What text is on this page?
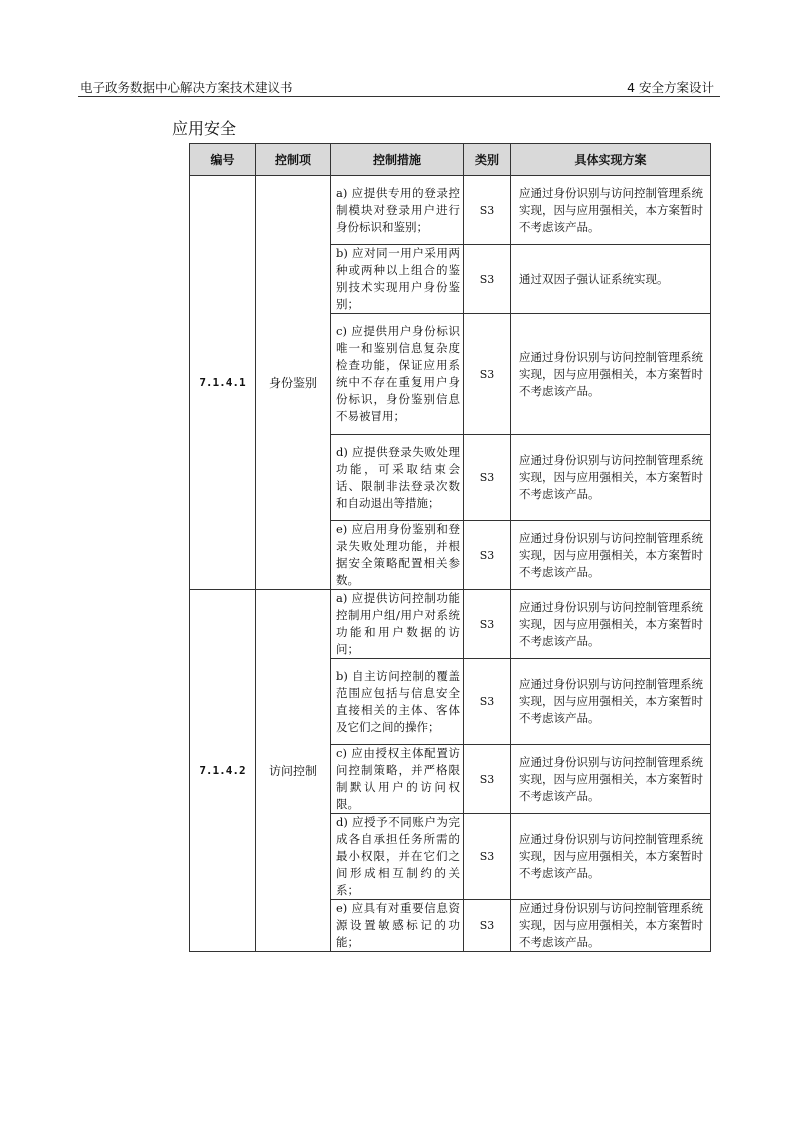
电子政务数据中心解决方案技术建议书	4 安全方案设计
应用安全
编号	控制项	控制措施	类别	具体实现方案
7.1.4.1	身份鉴别	a) 应提供专用的登录控制模块对登录用户进行身份标识和鉴别；	S3	应通过身份识别与访问控制管理系统实现，因与应用强相关，本方案暂时不考虑该产品。
		b) 应对同一用户采用两种或两种以上组合的鉴别技术实现用户身份鉴别；	S3	通过双因子强认证系统实现。
		c) 应提供用户身份标识唯一和鉴别信息复杂度检查功能，保证应用系统中不存在重复用户身份标识，身份鉴别信息不易被冒用；	S3	应通过身份识别与访问控制管理系统实现，因与应用强相关，本方案暂时不考虑该产品。
		d) 应提供登录失败处理功能，可采取结束会话、限制非法登录次数和自动退出等措施；	S3	应通过身份识别与访问控制管理系统实现，因与应用强相关，本方案暂时不考虑该产品。
		e) 应启用身份鉴别和登录失败处理功能，并根据安全策略配置相关参数。	S3	应通过身份识别与访问控制管理系统实现，因与应用强相关，本方案暂时不考虑该产品。
7.1.4.2	访问控制	a) 应提供访问控制功能控制用户组/用户对系统功能和用户数据的访问；	S3	应通过身份识别与访问控制管理系统实现，因与应用强相关，本方案暂时不考虑该产品。
		b) 自主访问控制的覆盖范围应包括与信息安全直接相关的主体、客体及它们之间的操作；	S3	应通过身份识别与访问控制管理系统实现，因与应用强相关，本方案暂时不考虑该产品。
		c) 应由授权主体配置访问控制策略，并严格限制默认用户的访问权限。	S3	应通过身份识别与访问控制管理系统实现，因与应用强相关，本方案暂时不考虑该产品。
		d) 应授予不同账户为完成各自承担任务所需的最小权限，并在它们之间形成相互制约的关系；	S3	应通过身份识别与访问控制管理系统实现，因与应用强相关，本方案暂时不考虑该产品。
		e) 应具有对重要信息资源设置敏感标记的功能；	S3	应通过身份识别与访问控制管理系统实现，因与应用强相关，本方案暂时不考虑该产品。
